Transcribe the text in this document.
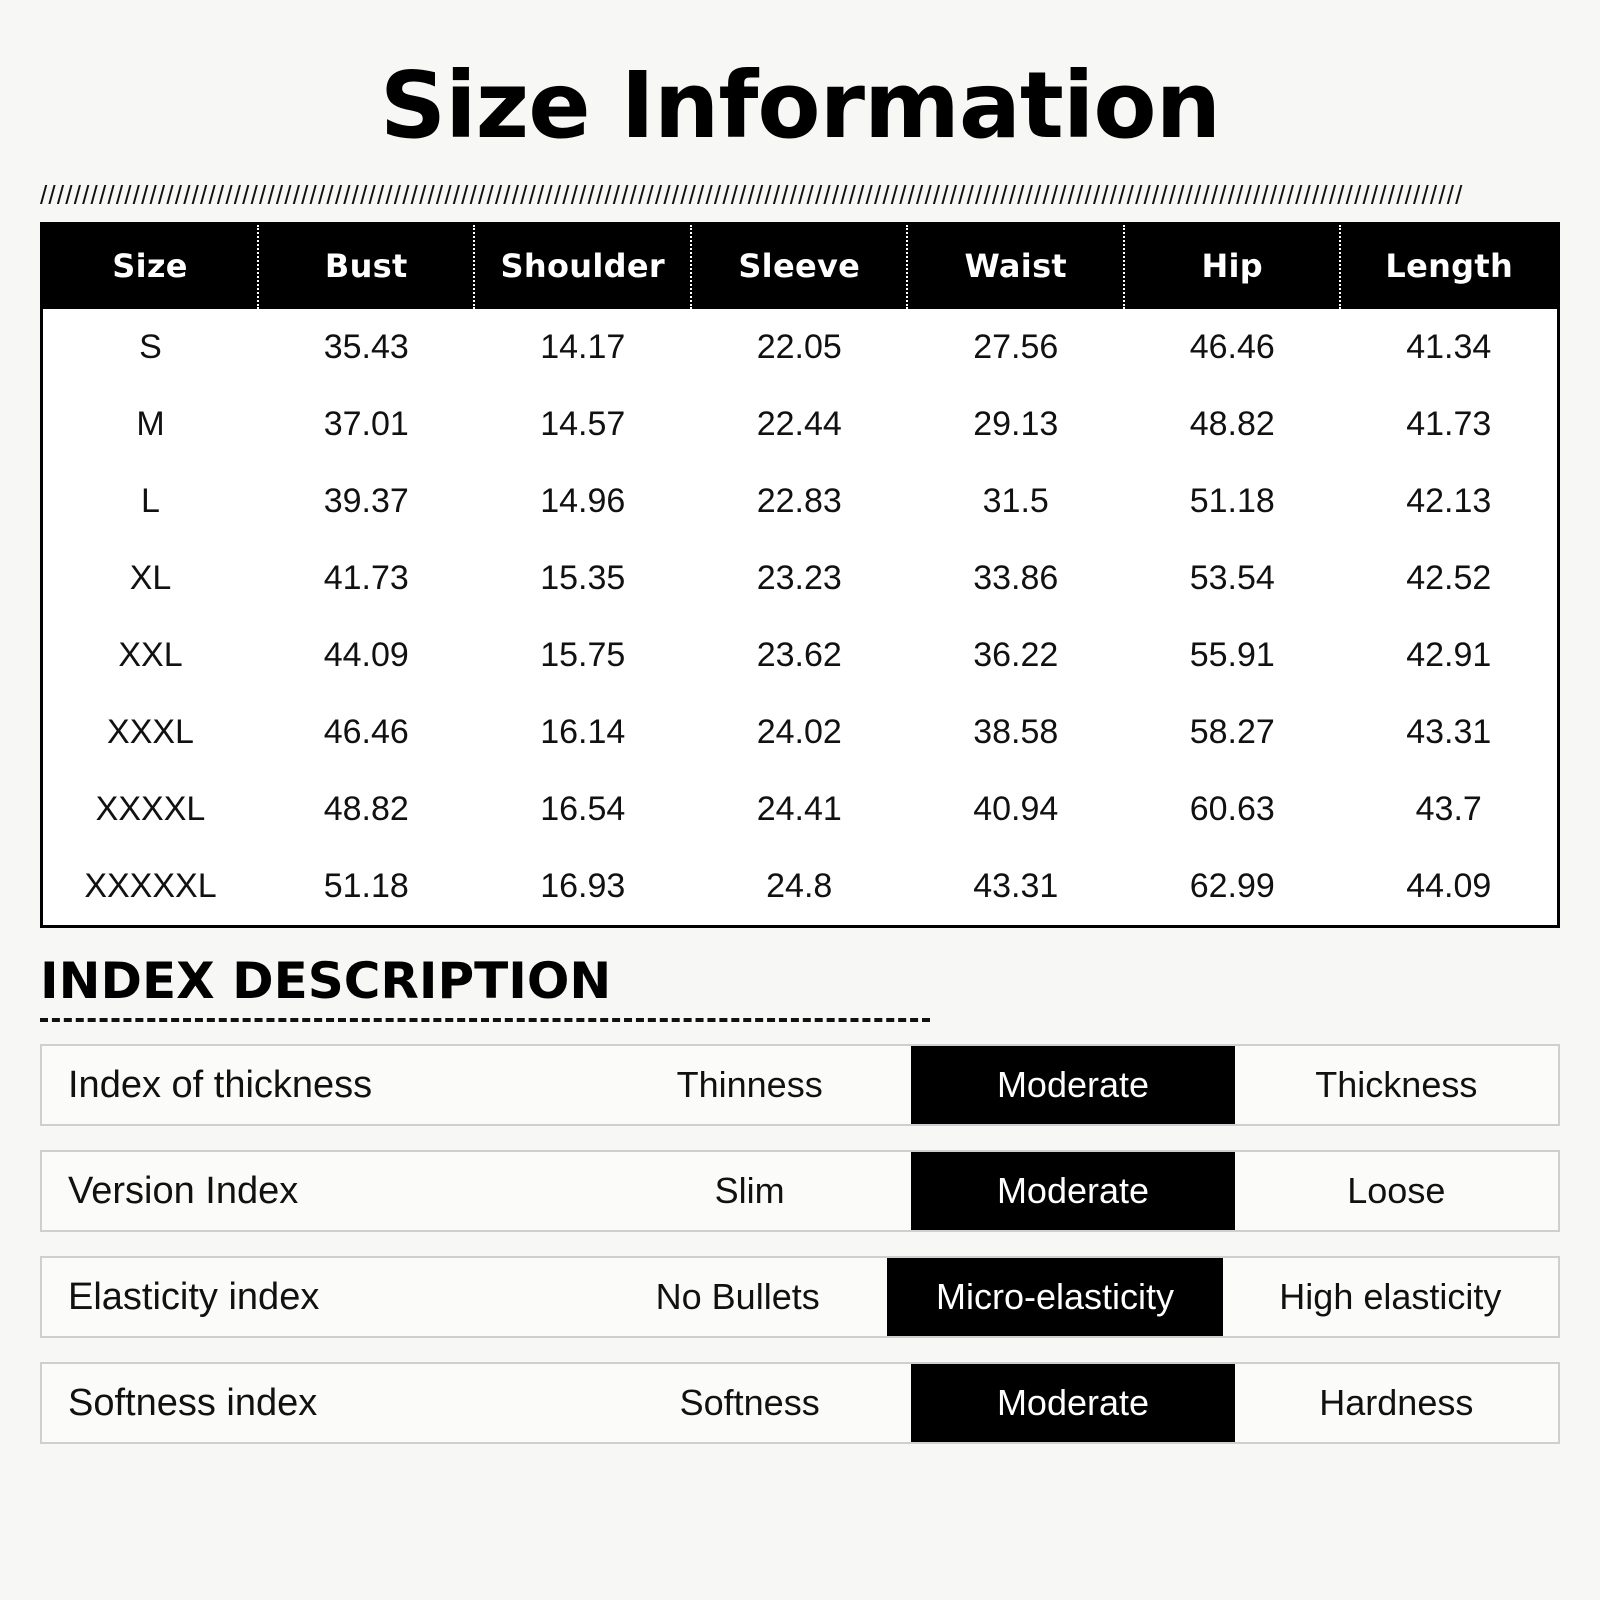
Size Information
/////////////////////////////////////////////////////////////////////////////////////////////////////////////////////////////////////////////////////////////////////////
Size	Bust	Shoulder	Sleeve	Waist	Hip	Length
S	35.43	14.17	22.05	27.56	46.46	41.34
M	37.01	14.57	22.44	29.13	48.82	41.73
L	39.37	14.96	22.83	31.5	51.18	42.13
XL	41.73	15.35	23.23	33.86	53.54	42.52
XXL	44.09	15.75	23.62	36.22	55.91	42.91
XXXL	46.46	16.14	24.02	38.58	58.27	43.31
XXXXL	48.82	16.54	24.41	40.94	60.63	43.7
XXXXXL	51.18	16.93	24.8	43.31	62.99	44.09
INDEX DESCRIPTION
Index of thickness	Thinness	Moderate	Thickness
Version Index	Slim	Moderate	Loose
Elasticity index	No Bullets	Micro-elasticity	High elasticity
Softness index	Softness	Moderate	Hardness
